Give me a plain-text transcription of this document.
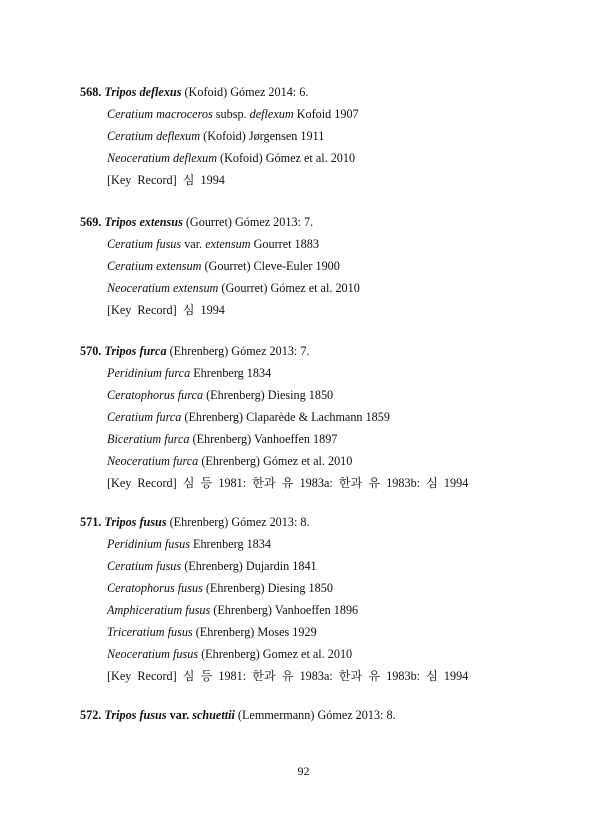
568. Tripos deflexus (Kofoid) Gómez 2014: 6.
Ceratium macroceros subsp. deflexum Kofoid 1907
Ceratium deflexum (Kofoid) Jørgensen 1911
Neoceratium deflexum (Kofoid) Gómez et al. 2010
[Key Record] 심 1994
569. Tripos extensus (Gourret) Gómez 2013: 7.
Ceratium fusus var. extensum Gourret 1883
Ceratium extensum (Gourret) Cleve-Euler 1900
Neoceratium extensum (Gourret) Gómez et al. 2010
[Key Record] 심 1994
570. Tripos furca (Ehrenberg) Gómez 2013: 7.
Peridinium furca Ehrenberg 1834
Ceratophorus furca (Ehrenberg) Diesing 1850
Ceratium furca (Ehrenberg) Claparède & Lachmann 1859
Biceratium furca (Ehrenberg) Vanhoeffen 1897
Neoceratium furca (Ehrenberg) Gómez et al. 2010
[Key Record] 심 등 1981: 한과 유 1983a: 한과 유 1983b: 심 1994
571. Tripos fusus (Ehrenberg) Gómez 2013: 8.
Peridinium fusus Ehrenberg 1834
Ceratium fusus (Ehrenberg) Dujardin 1841
Ceratophorus fusus (Ehrenberg) Diesing 1850
Amphiceratium fusus (Ehrenberg) Vanhoeffen 1896
Triceratium fusus (Ehrenberg) Moses 1929
Neoceratium fusus (Ehrenberg) Gomez et al. 2010
[Key Record] 심 등 1981: 한과 유 1983a: 한과 유 1983b: 심 1994
572. Tripos fusus var. schuettii (Lemmermann) Gómez 2013: 8.
92
